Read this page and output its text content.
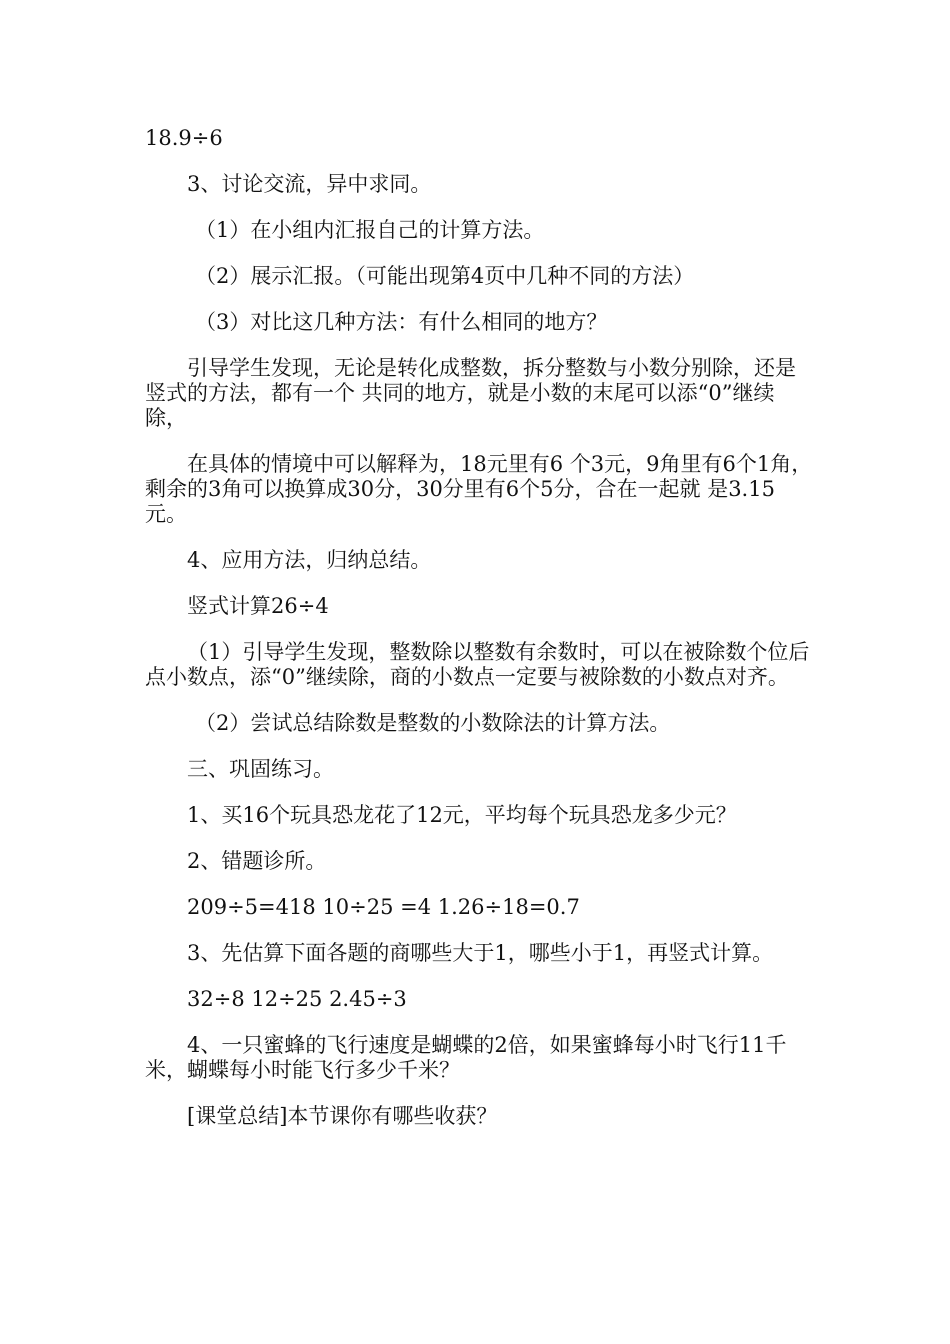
18.9÷6

3、讨论交流，异中求同。

（1）在小组内汇报自己的计算方法。

（2）展示汇报。（可能出现第4页中几种不同的方法）

（3）对比这几种方法：有什么相同的地方？

引导学生发现，无论是转化成整数，拆分整数与小数分别除，还是竖式的方法，都有一个 共同的地方，就是小数的末尾可以添“0”继续除，

在具体的情境中可以解释为，18元里有6 个3元，9角里有6个1角，剩余的3角可以换算成30分，30分里有6个5分，合在一起就 是3.15元。

4、应用方法，归纳总结。

竖式计算26÷4

（1）引导学生发现，整数除以整数有余数时，可以在被除数个位后点小数点，添“0”继续除，商的小数点一定要与被除数的小数点对齐。

（2）尝试总结除数是整数的小数除法的计算方法。

三、巩固练习。

1、买16个玩具恐龙花了12元，平均每个玩具恐龙多少元？

2、错题诊所。

209÷5=418 10÷25 =4 1.26÷18=0.7

3、先估算下面各题的商哪些大于1，哪些小于1，再竖式计算。

32÷8 12÷25 2.45÷3

4、一只蜜蜂的飞行速度是蝴蝶的2倍，如果蜜蜂每小时飞行11千米，蝴蝶每小时能飞行多少千米？

[课堂总结]本节课你有哪些收获？
